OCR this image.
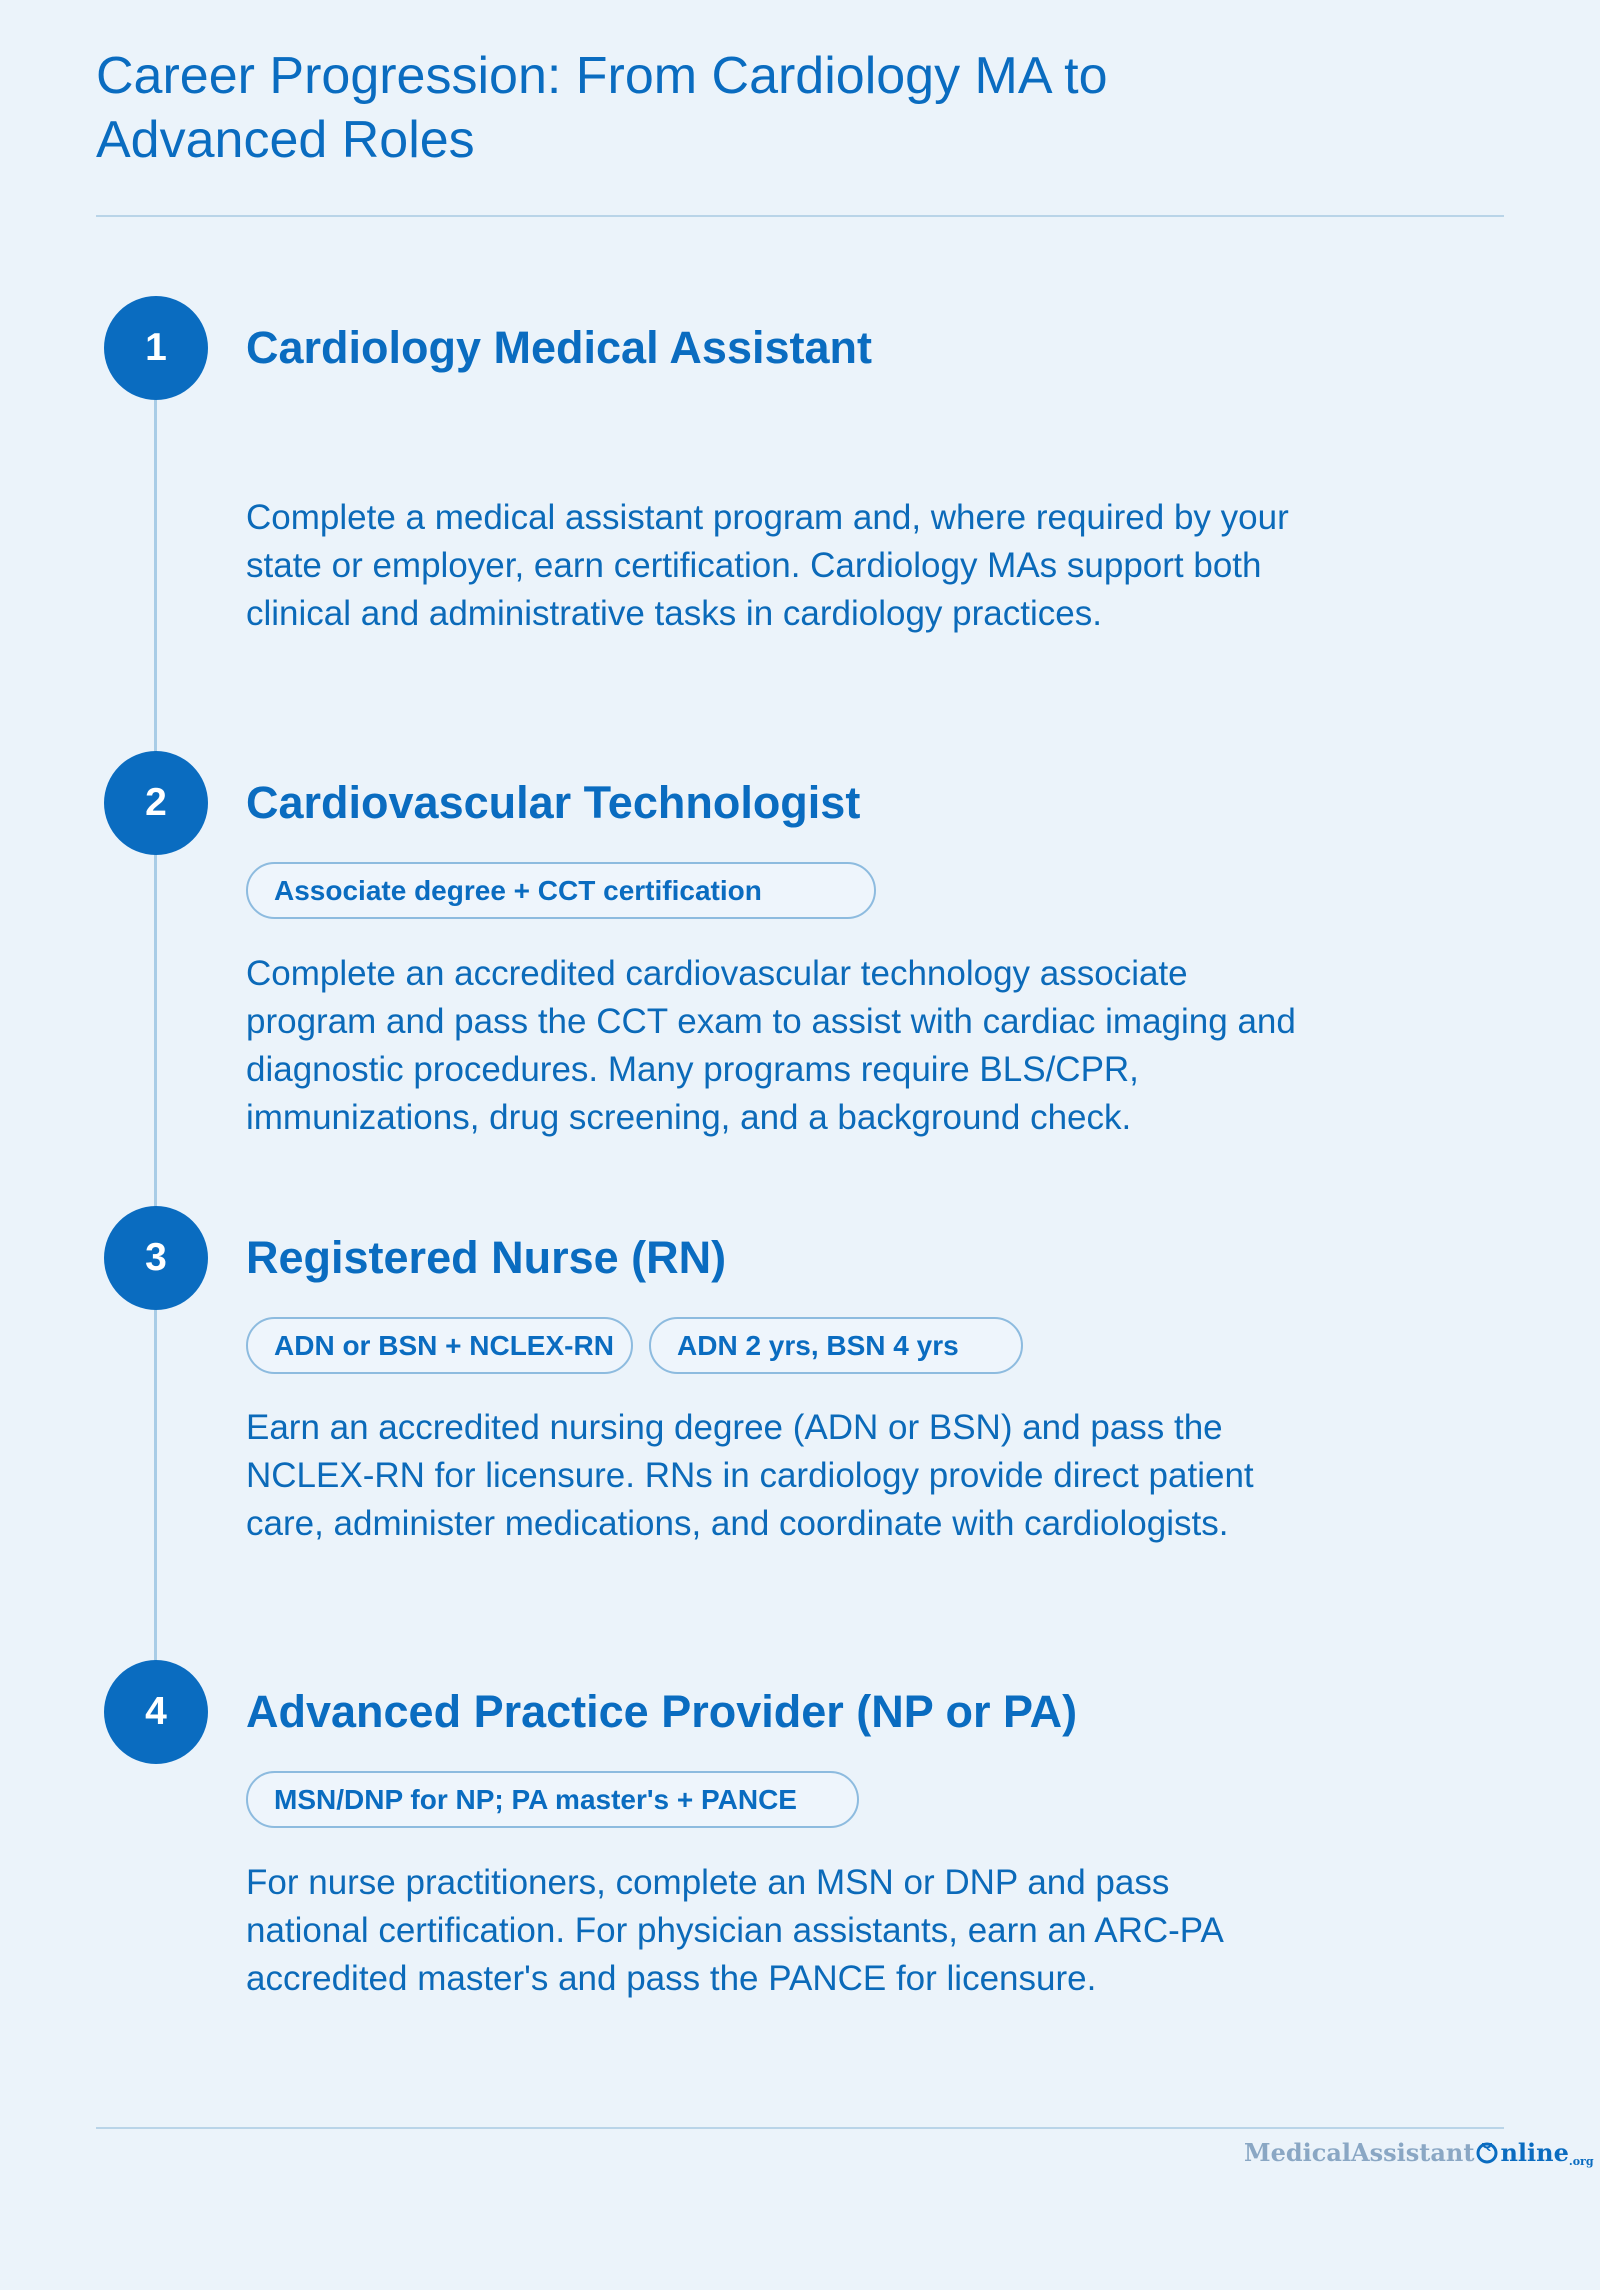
Career Progression: From Cardiology MA to Advanced Roles
1	Cardiology Medical Assistant

Complete a medical assistant program and, where required by your state or employer, earn certification. Cardiology MAs support both clinical and administrative tasks in cardiology practices.

2	Cardiovascular Technologist
Associate degree + CCT certification

Complete an accredited cardiovascular technology associate program and pass the CCT exam to assist with cardiac imaging and diagnostic procedures. Many programs require BLS/CPR, immunizations, drug screening, and a background check.

3	Registered Nurse (RN)
ADN or BSN + NCLEX-RN	ADN 2 yrs, BSN 4 yrs

Earn an accredited nursing degree (ADN or BSN) and pass the NCLEX-RN for licensure. RNs in cardiology provide direct patient care, administer medications, and coordinate with cardiologists.

4	Advanced Practice Provider (NP or PA)
MSN/DNP for NP; PA master's + PANCE

For nurse practitioners, complete an MSN or DNP and pass national certification. For physician assistants, earn an ARC-PA accredited master's and pass the PANCE for licensure.

MedicalAssistant nline .org
